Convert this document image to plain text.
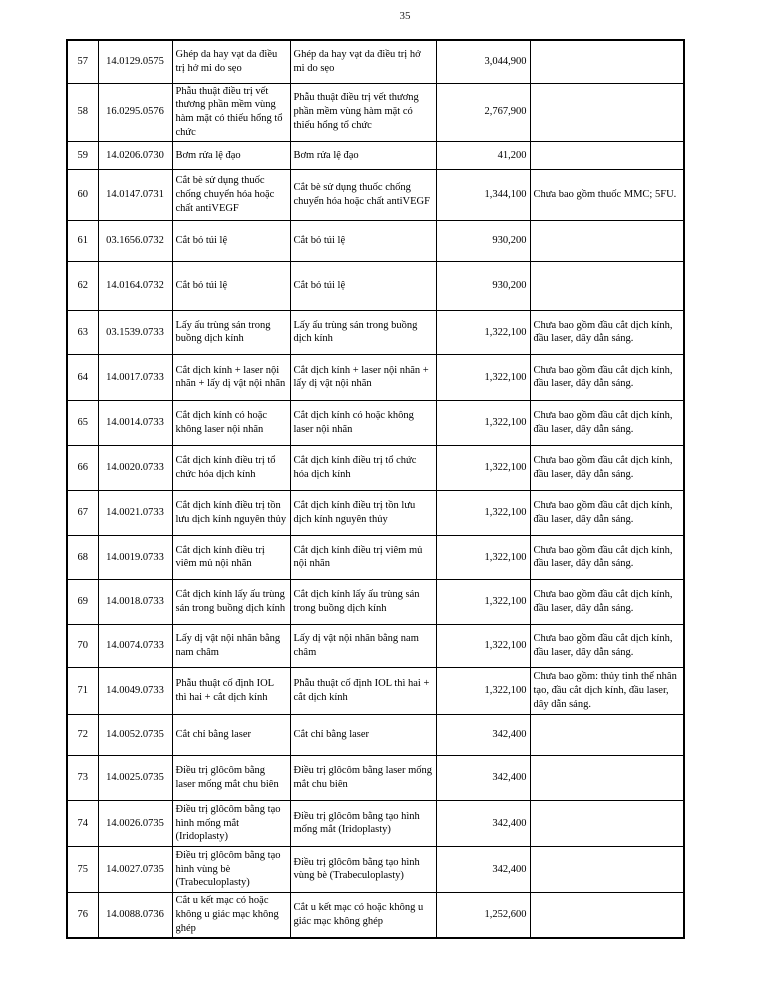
35
57	14.0129.0575	Ghép da hay vạt da điều trị hở mi do sẹo	Ghép da hay vạt da điều trị hở mi do sẹo	3,044,900	
58	16.0295.0576	Phẫu thuật điều trị vết thương phần mềm vùng hàm mặt có thiếu hổng tổ chức	Phẫu thuật điều trị vết thương phần mềm vùng hàm mặt có thiếu hổng tổ chức	2,767,900	
59	14.0206.0730	Bơm rửa lệ đạo	Bơm rửa lệ đạo	41,200	
60	14.0147.0731	Cắt bè sử dụng thuốc chống chuyển hóa hoặc chất antiVEGF	Cắt bè sử dụng thuốc chống chuyển hóa hoặc chất antiVEGF	1,344,100	Chưa bao gồm thuốc MMC; 5FU.
61	03.1656.0732	Cắt bỏ túi lệ	Cắt bỏ túi lệ	930,200	
62	14.0164.0732	Cắt bỏ túi lệ	Cắt bỏ túi lệ	930,200	
63	03.1539.0733	Lấy ấu trùng sán trong buồng dịch kính	Lấy ấu trùng sán trong buồng dịch kính	1,322,100	Chưa bao gồm đầu cắt dịch kính, đầu laser, dây dẫn sáng.
64	14.0017.0733	Cắt dịch kính + laser nội nhãn + lấy dị vật nội nhãn	Cắt dịch kính + laser nội nhãn + lấy dị vật nội nhãn	1,322,100	Chưa bao gồm đầu cắt dịch kính, đầu laser, dây dẫn sáng.
65	14.0014.0733	Cắt dịch kính có hoặc không laser nội nhãn	Cắt dịch kính có hoặc không laser nội nhãn	1,322,100	Chưa bao gồm đầu cắt dịch kính, đầu laser, dây dẫn sáng.
66	14.0020.0733	Cắt dịch kính điều trị tổ chức hóa dịch kính	Cắt dịch kính điều trị tổ chức hóa dịch kính	1,322,100	Chưa bao gồm đầu cắt dịch kính, đầu laser, dây dẫn sáng.
67	14.0021.0733	Cắt dịch kính điều trị tồn lưu dịch kính nguyên thủy	Cắt dịch kính điều trị tồn lưu dịch kính nguyên thủy	1,322,100	Chưa bao gồm đầu cắt dịch kính, đầu laser, dây dẫn sáng.
68	14.0019.0733	Cắt dịch kính điều trị viêm mủ nội nhãn	Cắt dịch kính điều trị viêm mủ nội nhãn	1,322,100	Chưa bao gồm đầu cắt dịch kính, đầu laser, dây dẫn sáng.
69	14.0018.0733	Cắt dịch kính lấy ấu trùng sán trong buồng dịch kính	Cắt dịch kính lấy ấu trùng sán trong buồng dịch kính	1,322,100	Chưa bao gồm đầu cắt dịch kính, đầu laser, dây dẫn sáng.
70	14.0074.0733	Lấy dị vật nội nhãn bằng nam châm	Lấy dị vật nội nhãn bằng nam châm	1,322,100	Chưa bao gồm đầu cắt dịch kính, đầu laser, dây dẫn sáng.
71	14.0049.0733	Phẫu thuật cố định IOL thì hai + cắt dịch kính	Phẫu thuật cố định IOL thì hai + cắt dịch kính	1,322,100	Chưa bao gồm: thủy tinh thể nhân tạo, đầu cắt dịch kính, đầu laser, dây dẫn sáng.
72	14.0052.0735	Cắt chỉ bằng laser	Cắt chỉ bằng laser	342,400	
73	14.0025.0735	Điều trị glôcôm bằng laser mống mắt chu biên	Điều trị glôcôm bằng laser mống mắt chu biên	342,400	
74	14.0026.0735	Điều trị glôcôm bằng tạo hình mống mắt (Iridoplasty)	Điều trị glôcôm bằng tạo hình mống mắt (Iridoplasty)	342,400	
75	14.0027.0735	Điều trị glôcôm bằng tạo hình vùng bè (Trabeculoplasty)	Điều trị glôcôm bằng tạo hình vùng bè (Trabeculoplasty)	342,400	
76	14.0088.0736	Cắt u kết mạc có hoặc không u giác mạc không ghép	Cắt u kết mạc có hoặc không u giác mạc không ghép	1,252,600	
